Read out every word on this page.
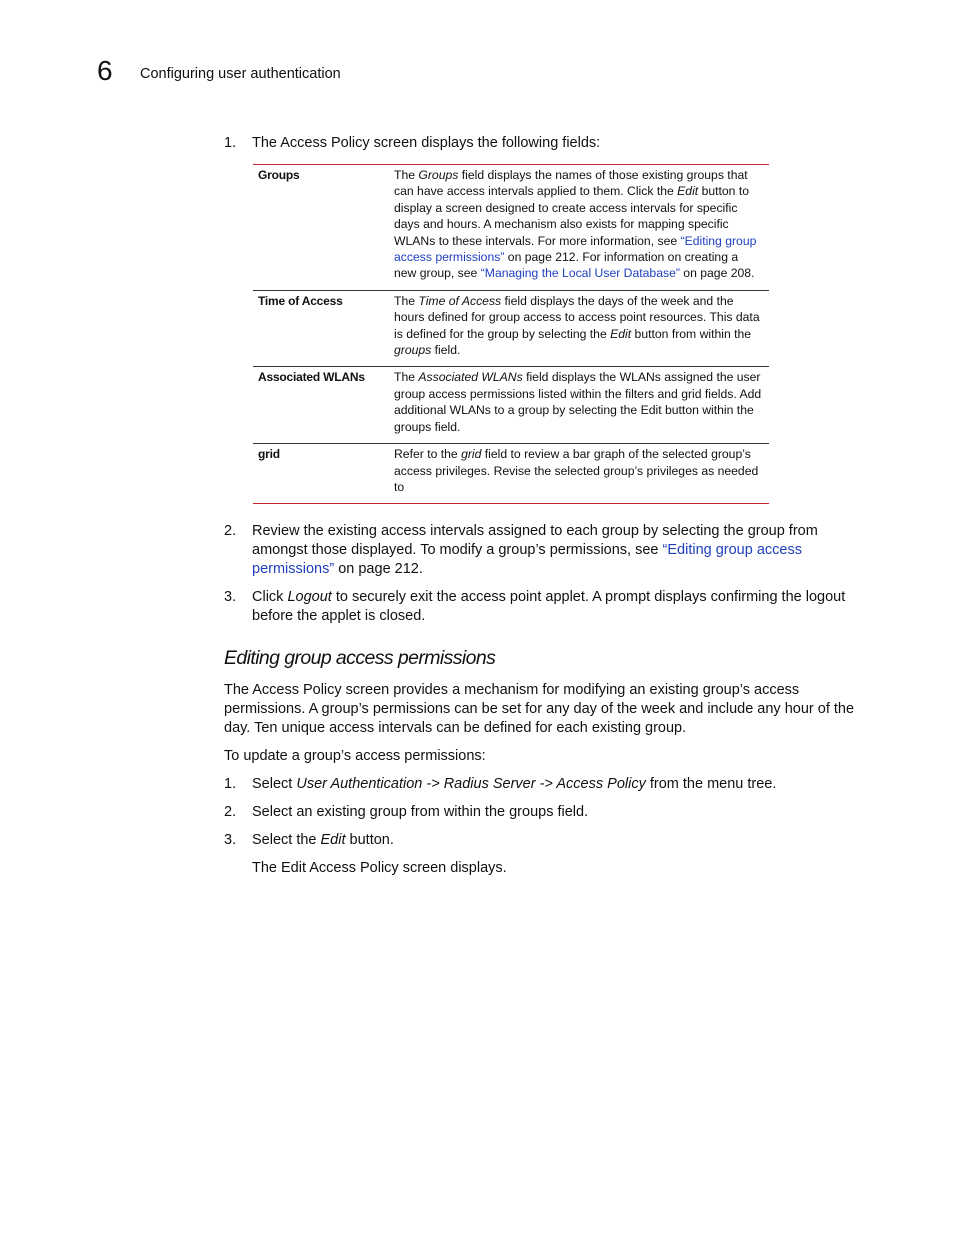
6 Configuring user authentication

1. The Access Policy screen displays the following fields:

Groups	The Groups field displays the names of those existing groups that can have access intervals applied to them. Click the Edit button to display a screen designed to create access intervals for specific days and hours. A mechanism also exists for mapping specific WLANs to these intervals. For more information, see “Editing group access permissions” on page 212. For information on creating a new group, see “Managing the Local User Database” on page 208.
Time of Access	The Time of Access field displays the days of the week and the hours defined for group access to access point resources. This data is defined for the group by selecting the Edit button from within the groups field.
Associated WLANs	The Associated WLANs field displays the WLANs assigned the user group access permissions listed within the filters and grid fields. Add additional WLANs to a group by selecting the Edit button within the groups field.
grid	Refer to the grid field to review a bar graph of the selected group’s access privileges. Revise the selected group’s privileges as needed to

2. Review the existing access intervals assigned to each group by selecting the group from amongst those displayed. To modify a group’s permissions, see “Editing group access permissions” on page 212.

3. Click Logout to securely exit the access point applet. A prompt displays confirming the logout before the applet is closed.

Editing group access permissions

The Access Policy screen provides a mechanism for modifying an existing group’s access permissions. A group’s permissions can be set for any day of the week and include any hour of the day. Ten unique access intervals can be defined for each existing group.

To update a group’s access permissions:

1. Select User Authentication -> Radius Server -> Access Policy from the menu tree.

2. Select an existing group from within the groups field.

3. Select the Edit button.

The Edit Access Policy screen displays.
